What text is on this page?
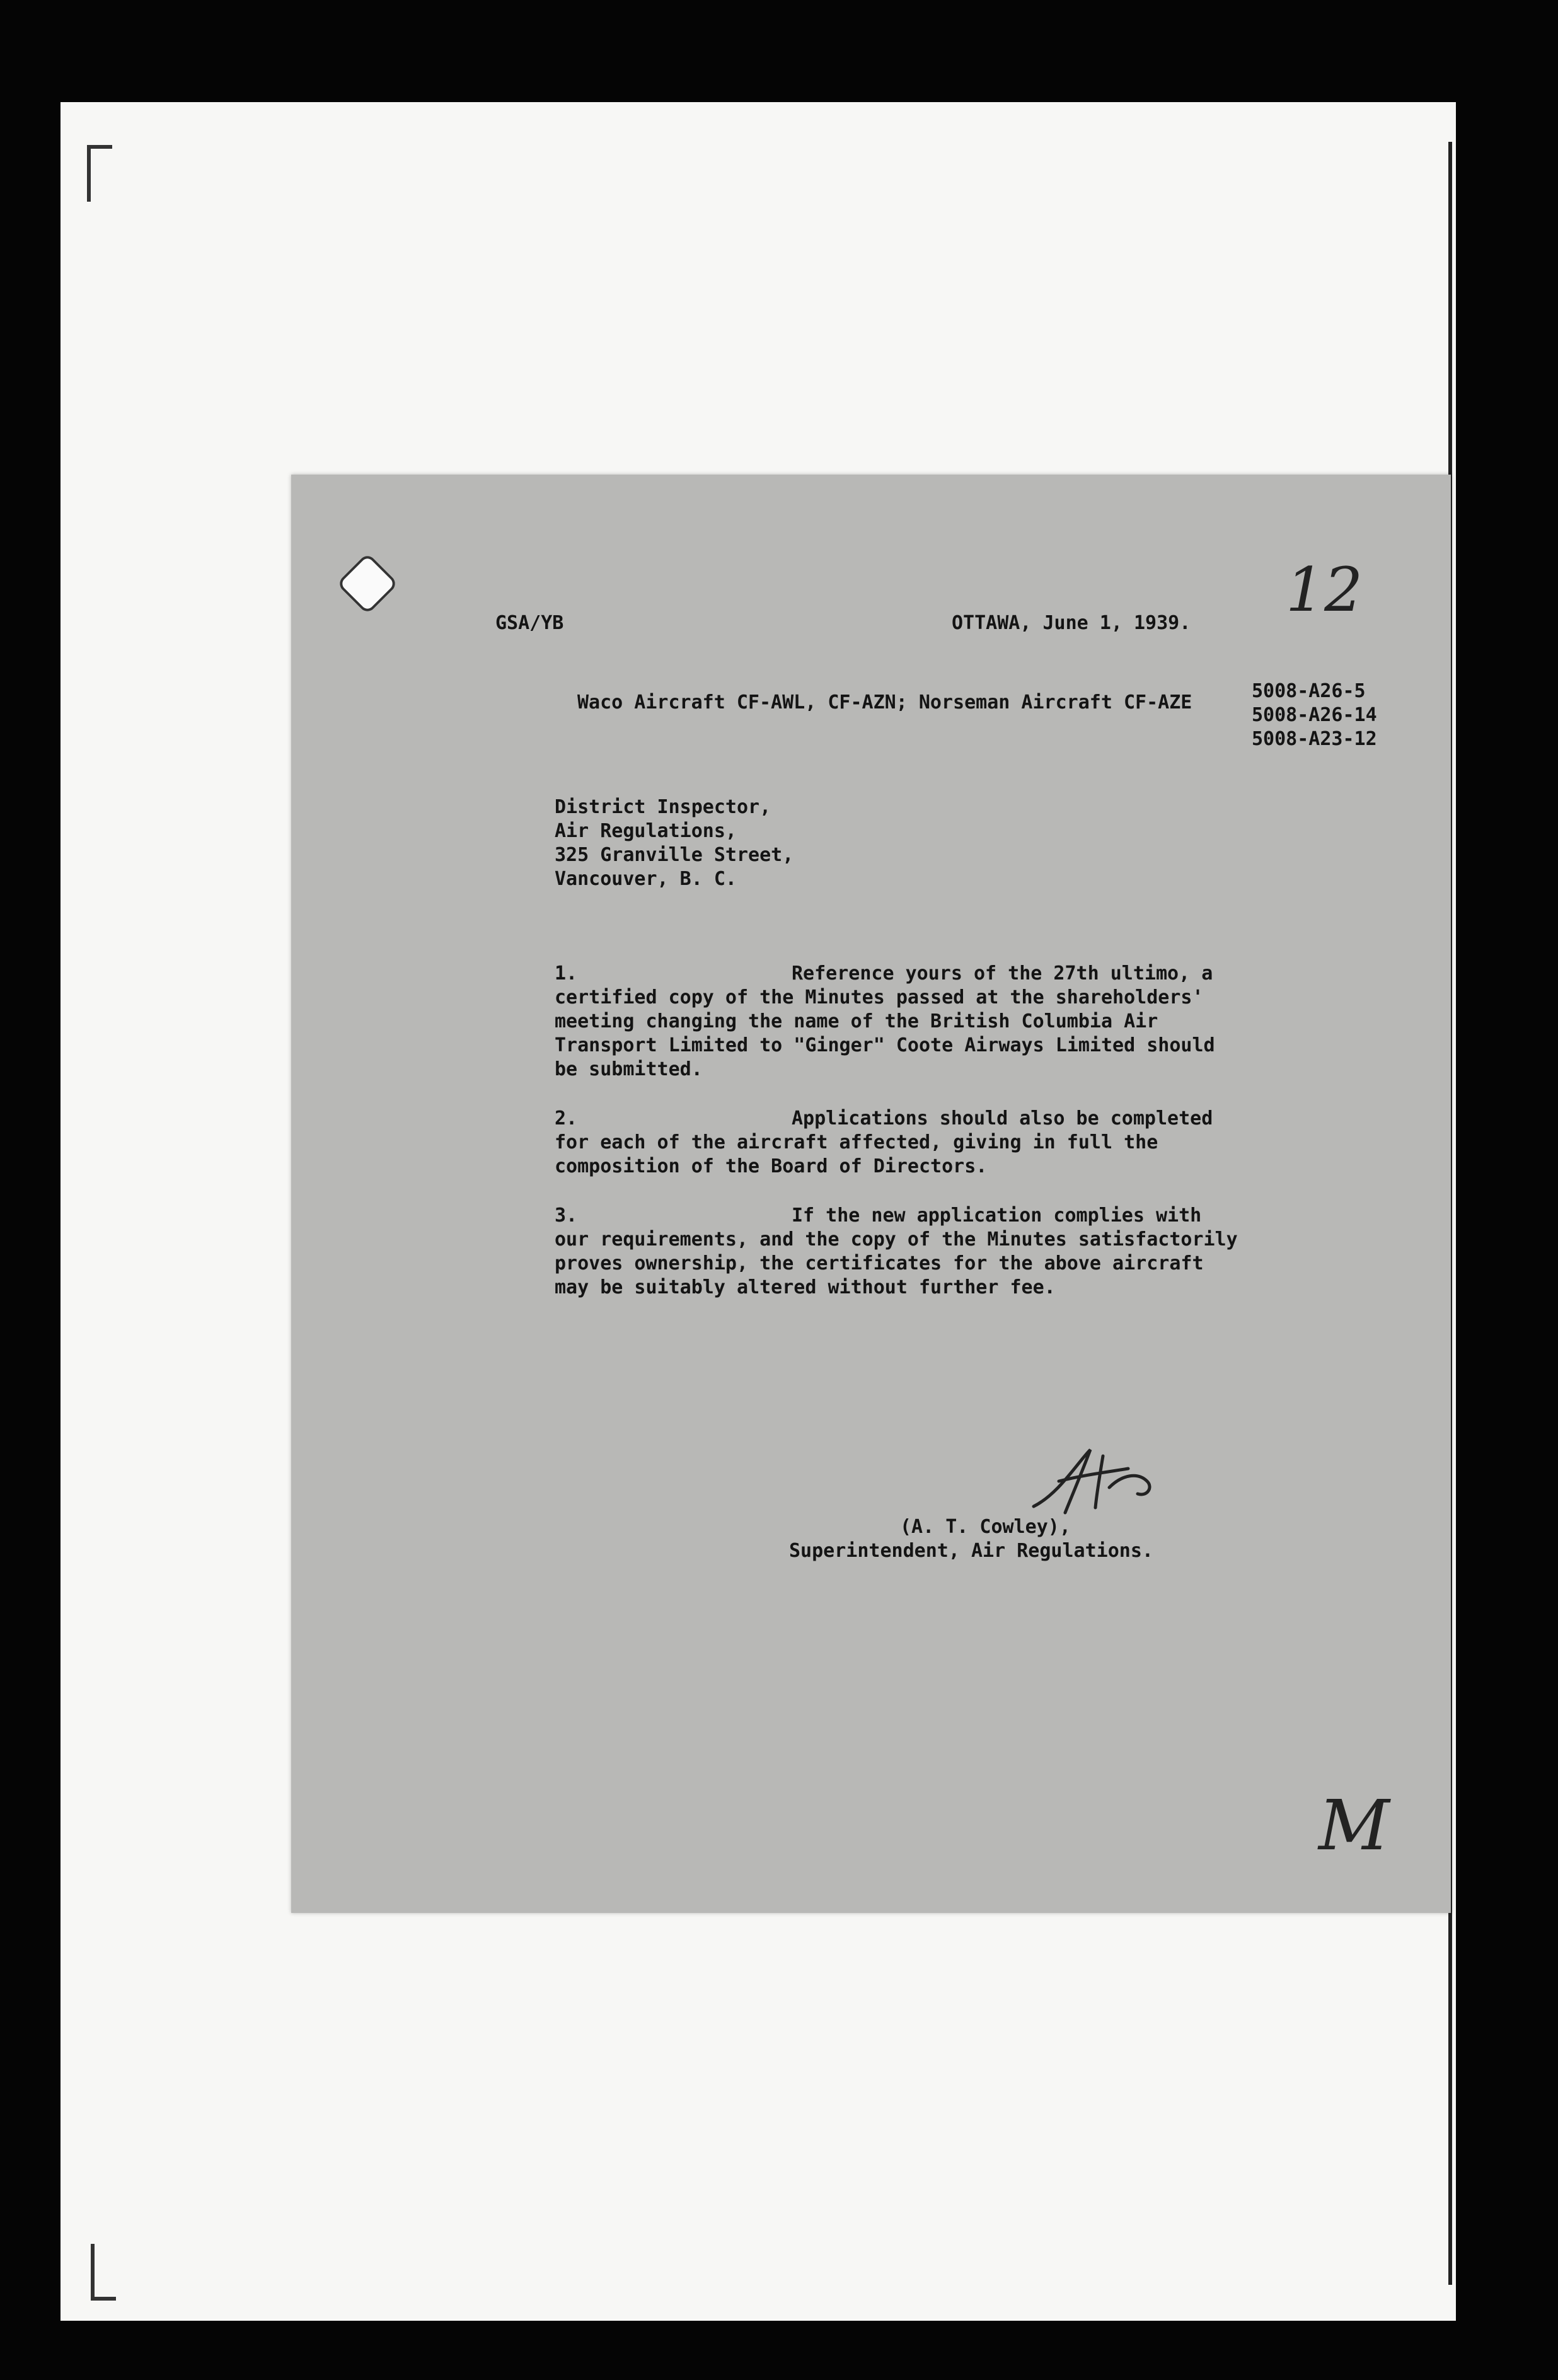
GSA/YB	OTTAWA, June 1, 1939. 12
Waco Aircraft CF-AWL, CF-AZN; Norseman Aircraft CF-AZE
5008-A26-5
5008-A26-14
5008-A23-12
District Inspector,
Air Regulations,
325 Granville Street,
Vancouver, B. C.
1.	Reference yours of the 27th ultimo, a
certified copy of the Minutes passed at the shareholders'
meeting changing the name of the British Columbia Air
Transport Limited to "Ginger" Coote Airways Limited should
be submitted.
2.	Applications should also be completed
for each of the aircraft affected, giving in full the
composition of the Board of Directors.
3.	If the new application complies with
our requirements, and the copy of the Minutes satisfactorily
proves ownership, the certificates for the above aircraft
may be suitably altered without further fee.
(A. T. Cowley),
Superintendent, Air Regulations.
M
